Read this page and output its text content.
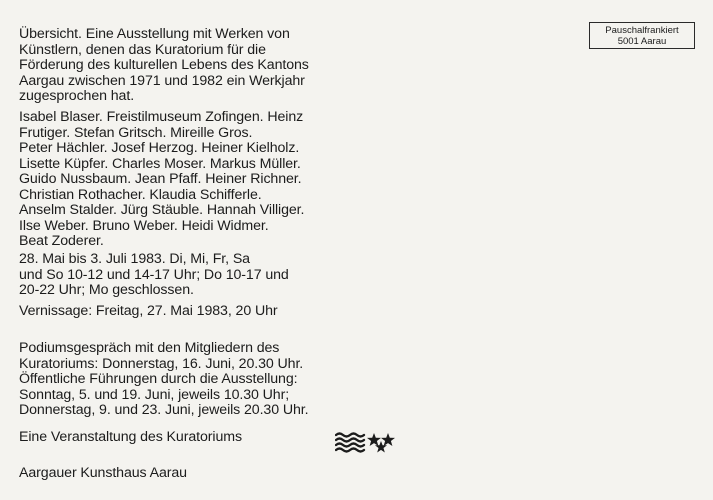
Pauschalfrankiert
5001 Aarau
Übersicht. Eine Ausstellung mit Werken von
Künstlern, denen das Kuratorium für die
Förderung des kulturellen Lebens des Kantons
Aargau zwischen 1971 und 1982 ein Werkjahr
zugesprochen hat.
Isabel Blaser. Freistilmuseum Zofingen. Heinz
Frutiger. Stefan Gritsch. Mireille Gros.
Peter Hächler. Josef Herzog. Heiner Kielholz.
Lisette Küpfer. Charles Moser. Markus Müller.
Guido Nussbaum. Jean Pfaff. Heiner Richner.
Christian Rothacher. Klaudia Schifferle.
Anselm Stalder. Jürg Stäuble. Hannah Villiger.
Ilse Weber. Bruno Weber. Heidi Widmer.
Beat Zoderer.
28. Mai bis 3. Juli 1983. Di, Mi, Fr, Sa
und So 10-12 und 14-17 Uhr; Do 10-17 und
20-22 Uhr; Mo geschlossen.
Vernissage: Freitag, 27. Mai 1983, 20 Uhr
Podiumsgespräch mit den Mitgliedern des
Kuratoriums: Donnerstag, 16. Juni, 20.30 Uhr.
Öffentliche Führungen durch die Ausstellung:
Sonntag, 5. und 19. Juni, jeweils 10.30 Uhr;
Donnerstag, 9. und 23. Juni, jeweils 20.30 Uhr.
Eine Veranstaltung des Kuratoriums
Aargauer Kunsthaus Aarau
